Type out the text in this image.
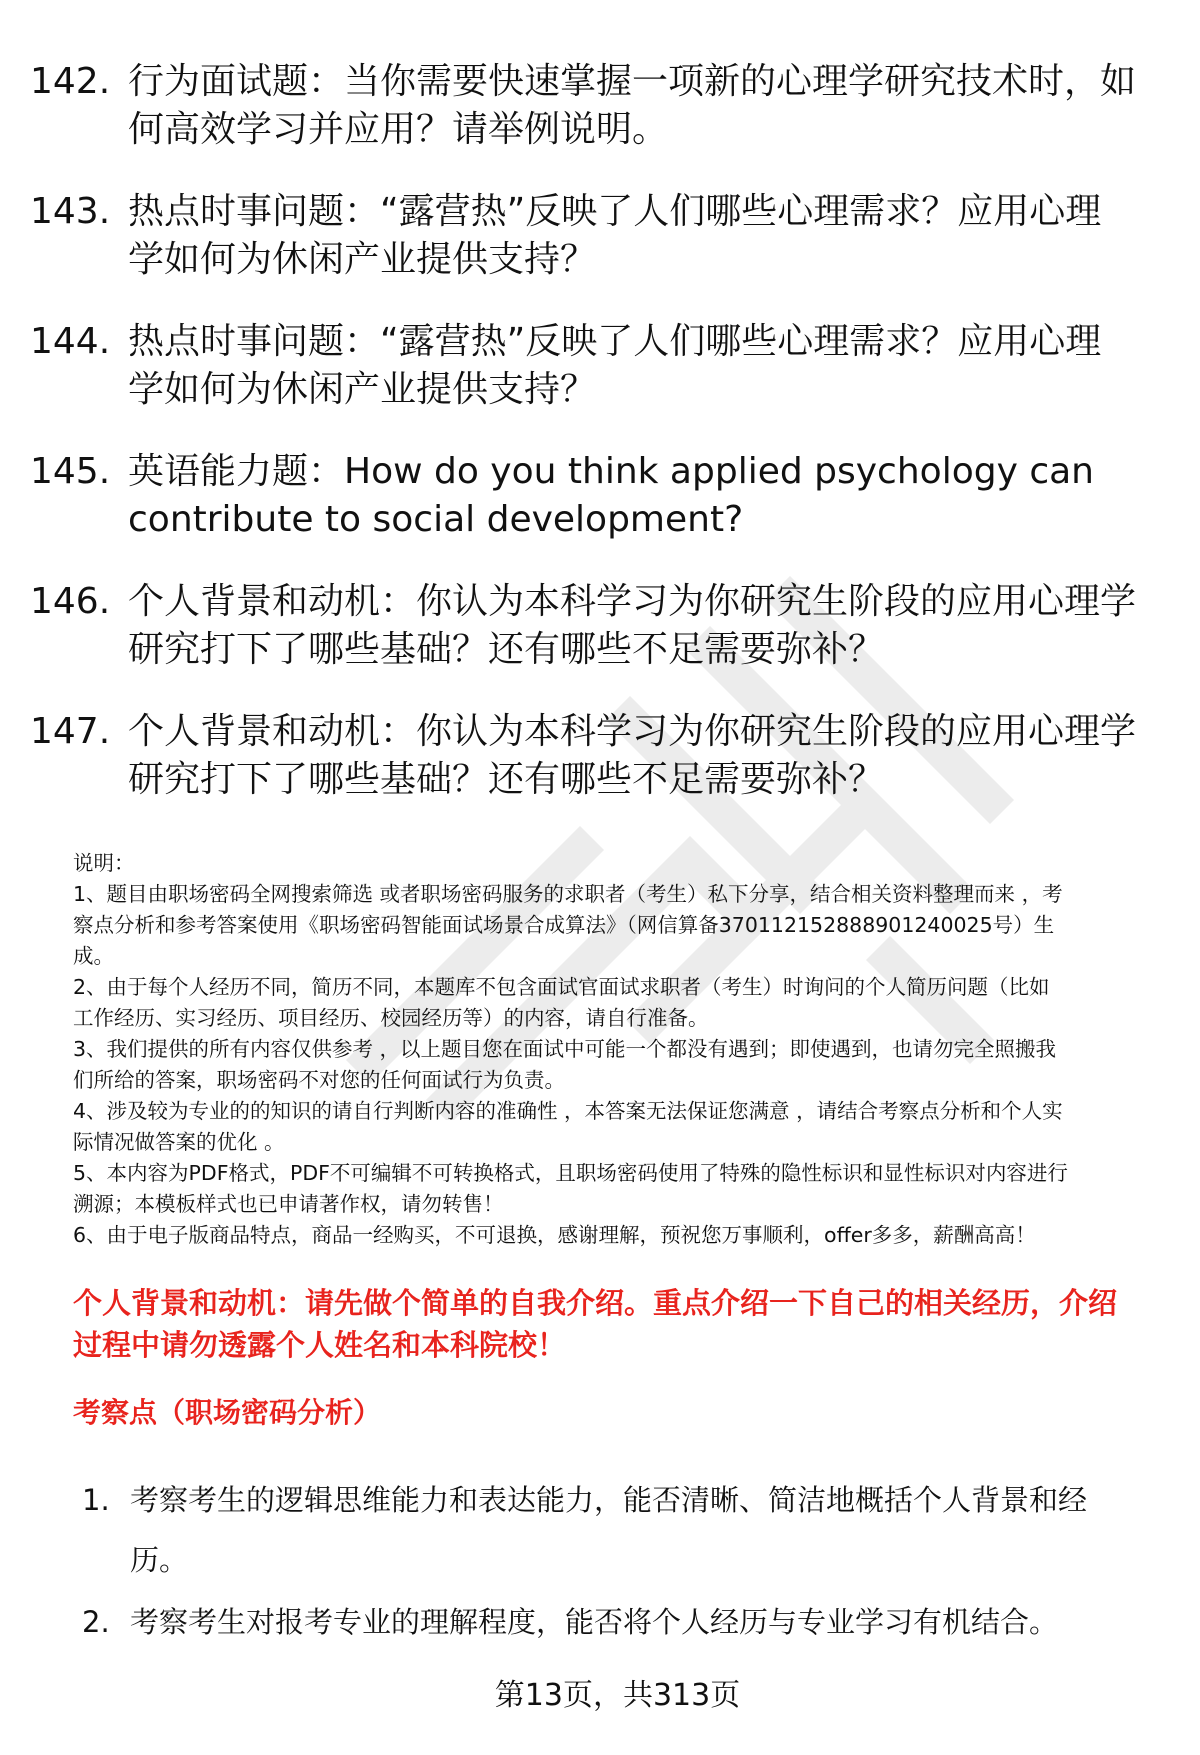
142. 行为面试题：当你需要快速掌握一项新的心理学研究技术时，如
何高效学习并应用？请举例说明。
143. 热点时事问题：“露营热”反映了人们哪些心理需求？应用心理
学如何为休闲产业提供支持？
144. 热点时事问题：“露营热”反映了人们哪些心理需求？应用心理
学如何为休闲产业提供支持？
145. 英语能力题：How do you think applied psychology can
contribute to social development?
146. 个人背景和动机：你认为本科学习为你研究生阶段的应用心理学
研究打下了哪些基础？还有哪些不足需要弥补？
147. 个人背景和动机：你认为本科学习为你研究生阶段的应用心理学
研究打下了哪些基础？还有哪些不足需要弥补？

说明：

1、题目由职场密码全网搜索筛选 或者职场密码服务的求职者（考生）私下分享，结合相关资料整理而来 ，考
察点分析和参考答案使用《职场密码智能面试场景合成算法》（网信算备370112152888901240025号）生
成。

2、由于每个人经历不同，简历不同，本题库不包含面试官面试求职者（考生）时询问的个人简历问题（比如
工作经历、实习经历、项目经历、校园经历等）的内容，请自行准备。

3、我们提供的所有内容仅供参考 ，以上题目您在面试中可能一个都没有遇到；即使遇到，也请勿完全照搬我
们所给的答案，职场密码不对您的任何面试行为负责。

4、涉及较为专业的的知识的请自行判断内容的准确性 ，本答案无法保证您满意 ，请结合考察点分析和个人实
际情况做答案的优化 。

5、本内容为PDF格式，PDF不可编辑不可转换格式，且职场密码使用了特殊的隐性标识和显性标识对内容进行
溯源；本模板样式也已申请著作权，请勿转售！

6、由于电子版商品特点，商品一经购买，不可退换，感谢理解，预祝您万事顺利，offer多多，薪酬高高！

个人背景和动机：请先做个简单的自我介绍。重点介绍一下自己的相关经历，介绍
过程中请勿透露个人姓名和本科院校！
考察点（职场密码分析）
1. 考察考生的逻辑思维能力和表达能力，能否清晰、简洁地概括个人背景和经
历。
2. 考察考生对报考专业的理解程度，能否将个人经历与专业学习有机结合。
第13页，共313页
